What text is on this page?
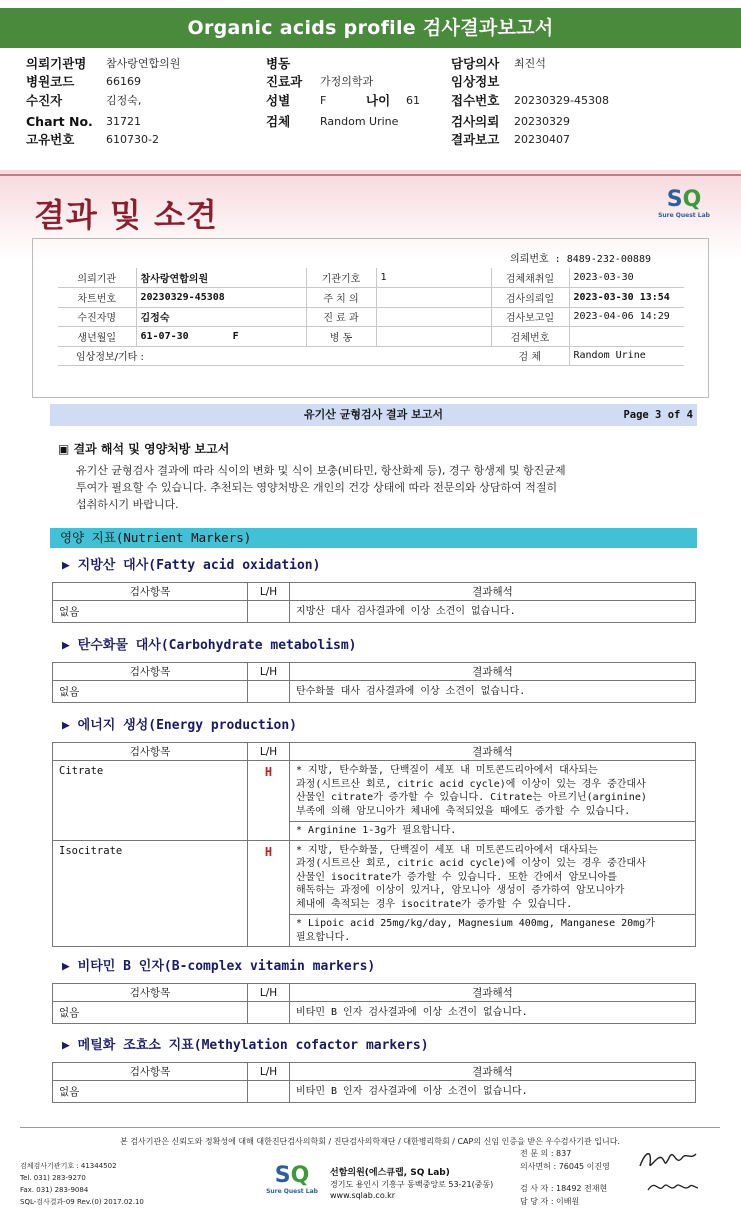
Organic acids profile 검사결과보고서
의뢰기관명 참사랑연합의원
병원코드	66169
수진자	김정숙,
Chart No. 31721
고유번호	610730-2
병동
진료과 가정의학과
성별	F	나이 61
검체	Random Urine
담당의사 최진석
임상정보
접수번호 20230329-45308
검사의뢰 20230329
결과보고 20230407
결과 및 소견	SQ
Sure Quest Lab
의뢰번호 : 8489-232-00889
의뢰기관	참사랑연합의원	기관기호	1	검체채취일	2023-03-30
차트번호	20230329-45308	주 치 의		검사의뢰일	2023-03-30 13:54
수진자명	김정숙	진 료 과		검사보고일	2023-04-06 14:29
생년월일	61-07-30 F	병 동		검체번호	
임상정보/기타 :				검 체	Random Urine
유기산 균형검사 결과 보고서	Page 3 of 4
▣ 결과 해석 및 영양처방 보고서
유기산 균형검사 결과에 따라 식이의 변화 및 식이 보충(비타민, 항산화제 등), 경구 항생제 및 항진균제
투여가 필요할 수 있습니다. 추천되는 영양처방은 개인의 건강 상태에 따라 전문의와 상담하여 적절히
섭취하시기 바랍니다.
영양 지표(Nutrient Markers)
▶ 지방산 대사(Fatty acid oxidation)
검사항목	L/H	결과해석
없음		지방산 대사 검사결과에 이상 소견이 없습니다.
▶ 탄수화물 대사(Carbohydrate metabolism)
검사항목	L/H	결과해석
없음		탄수화물 대사 검사결과에 이상 소견이 없습니다.
▶ 에너지 생성(Energy production)
검사항목	L/H	결과해석
Citrate	H	* 지방, 탄수화물, 단백질이 세포 내 미토콘드리아에서 대사되는
과정(시트르산 회로, citric acid cycle)에 이상이 있는 경우 중간대사
산물인 citrate가 증가할 수 있습니다. Citrate는 아르기닌(arginine)
부족에 의해 암모니아가 체내에 축적되었을 때에도 증가할 수 있습니다.

		* Arginine 1-3g가 필요합니다.
Isocitrate	H	* 지방, 탄수화물, 단백질이 세포 내 미토콘드리아에서 대사되는
과정(시트르산 회로, citric acid cycle)에 이상이 있는 경우 중간대사
산물인 isocitrate가 증가할 수 있습니다. 또한 간에서 암모니아를
해독하는 과정에 이상이 있거나, 암모니아 생성이 증가하여 암모니아가
체내에 축적되는 경우 isocitrate가 증가할 수 있습니다.

		* Lipoic acid 25mg/kg/day, Magnesium 400mg, Manganese 20mg가
필요합니다.
▶ 비타민 B 인자(B-complex vitamin markers)
검사항목	L/H	결과해석
없음		비타민 B 인자 검사결과에 이상 소견이 없습니다.
▶ 메틸화 조효소 지표(Methylation cofactor markers)
검사항목	L/H	결과해석
없음		비타민 B 인자 검사결과에 이상 소견이 없습니다.
본 검사기관은 신뢰도와 정확성에 대해 대한진단검사의학회 / 진단검사의학재단 / 대한병리학회 / CAP의 신임 인증을 받은 우수검사기관 입니다.
검체검사기관기호 : 41344502
Tel. 031) 283-9270
Fax. 031) 283-9084
SQL-검사결과-09 Rev.(0) 2017.02.10
SQ
Sure Quest Lab
선함의원(에스큐랩, SQ Lab)
경기도 용인시 기흥구 동백중앙로 53-21(중동)
www.sqlab.co.kr
전 문 의 : 837
의사면허 : 76045 이진영
검 사 자 : 18492 전재현
담 당 자 : 이배원
